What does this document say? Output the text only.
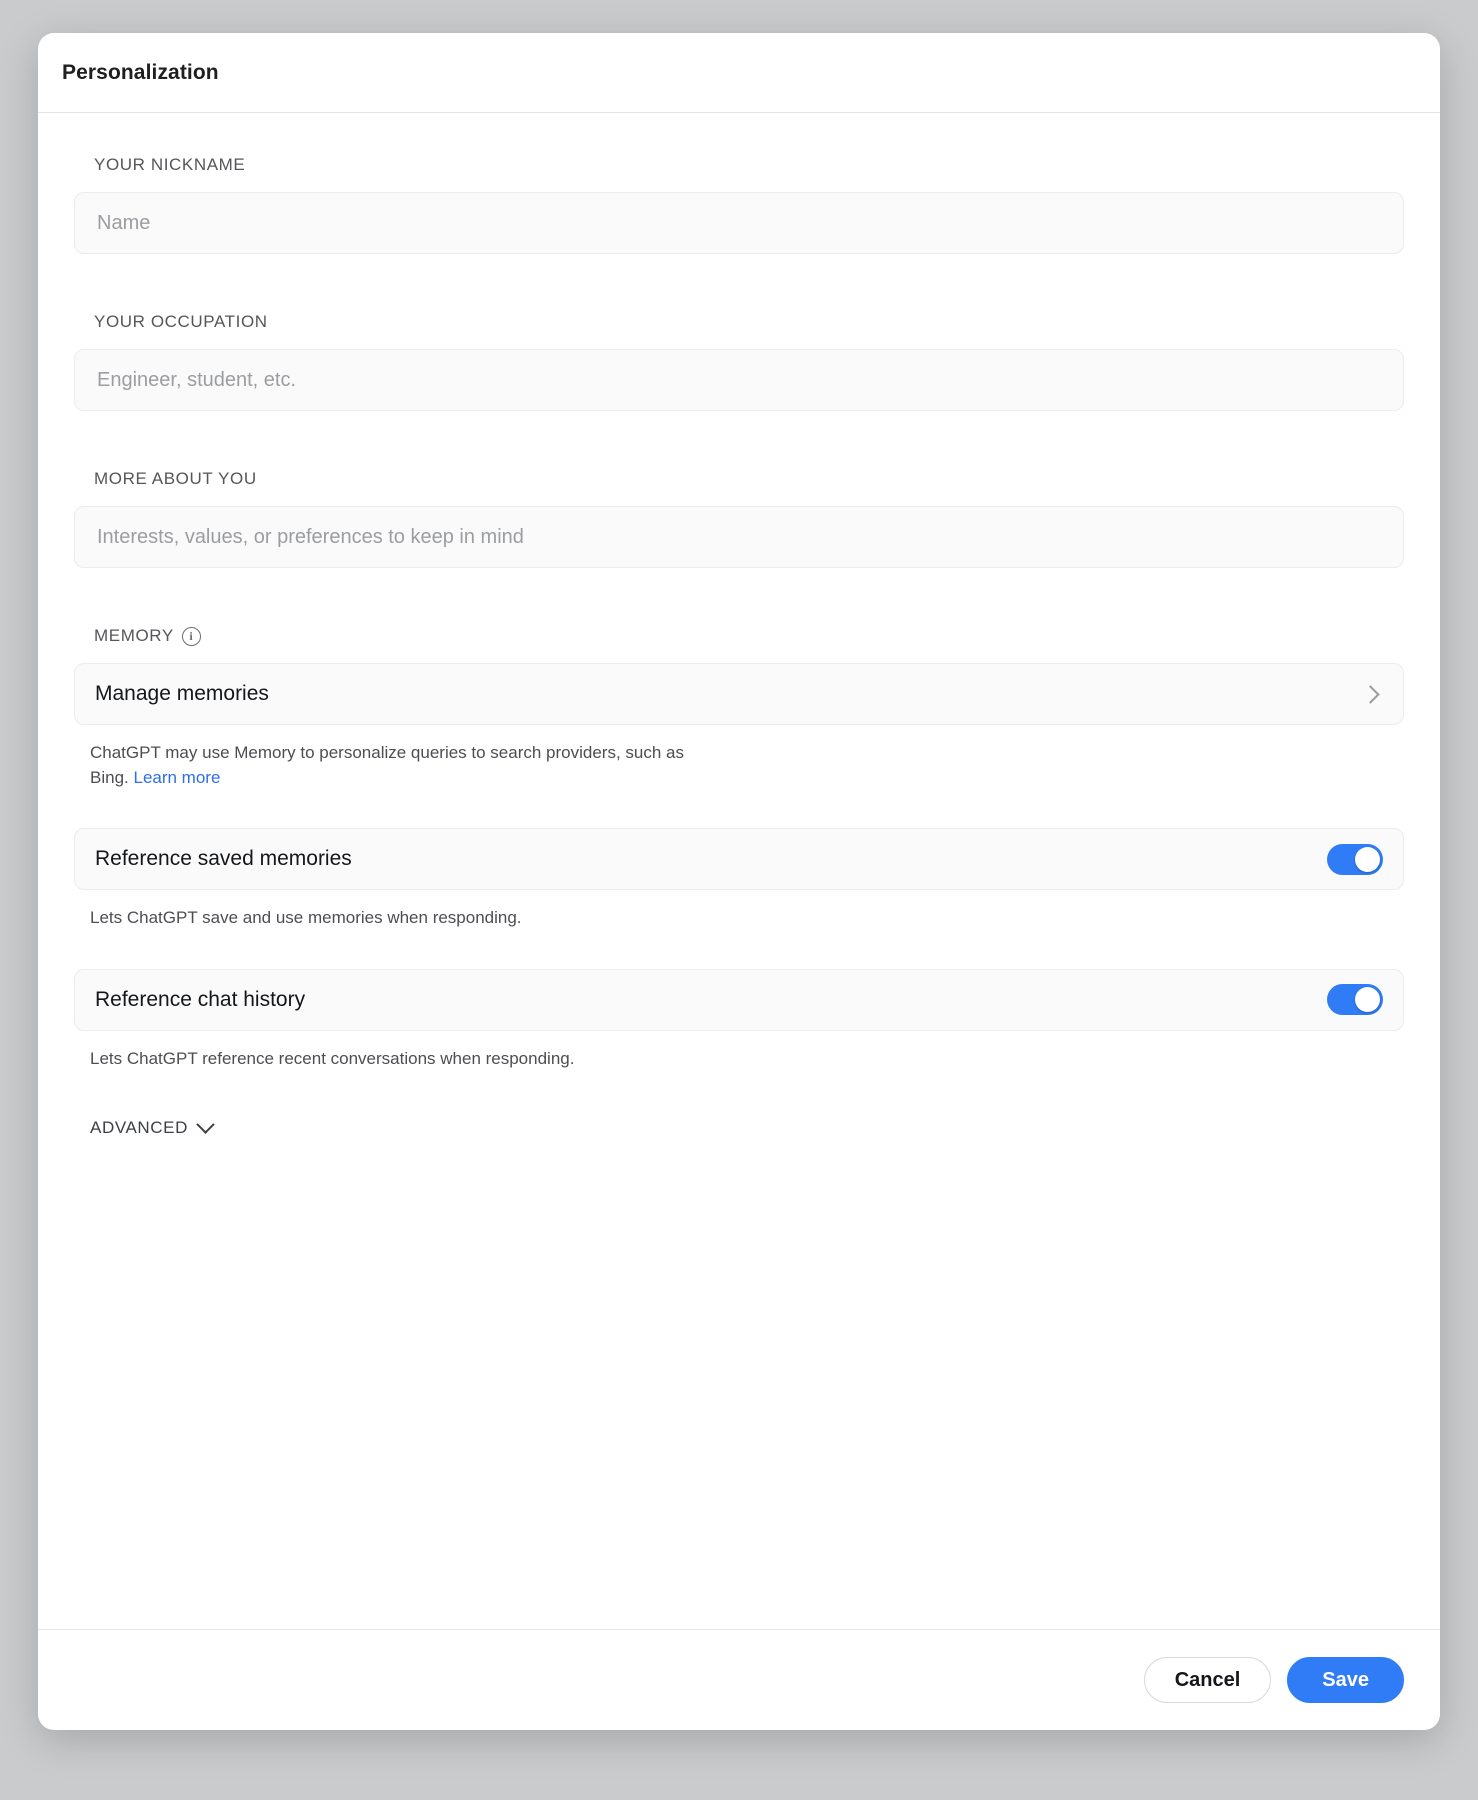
Personalization
YOUR NICKNAME
Name
YOUR OCCUPATION
Engineer, student, etc.
MORE ABOUT YOU
Interests, values, or preferences to keep in mind
MEMORY	i
Manage memories
ChatGPT may use Memory to personalize queries to search providers, such as Bing. Learn more
Reference saved memories
Lets ChatGPT save and use memories when responding.
Reference chat history
Lets ChatGPT reference recent conversations when responding.
ADVANCED
Cancel	Save
